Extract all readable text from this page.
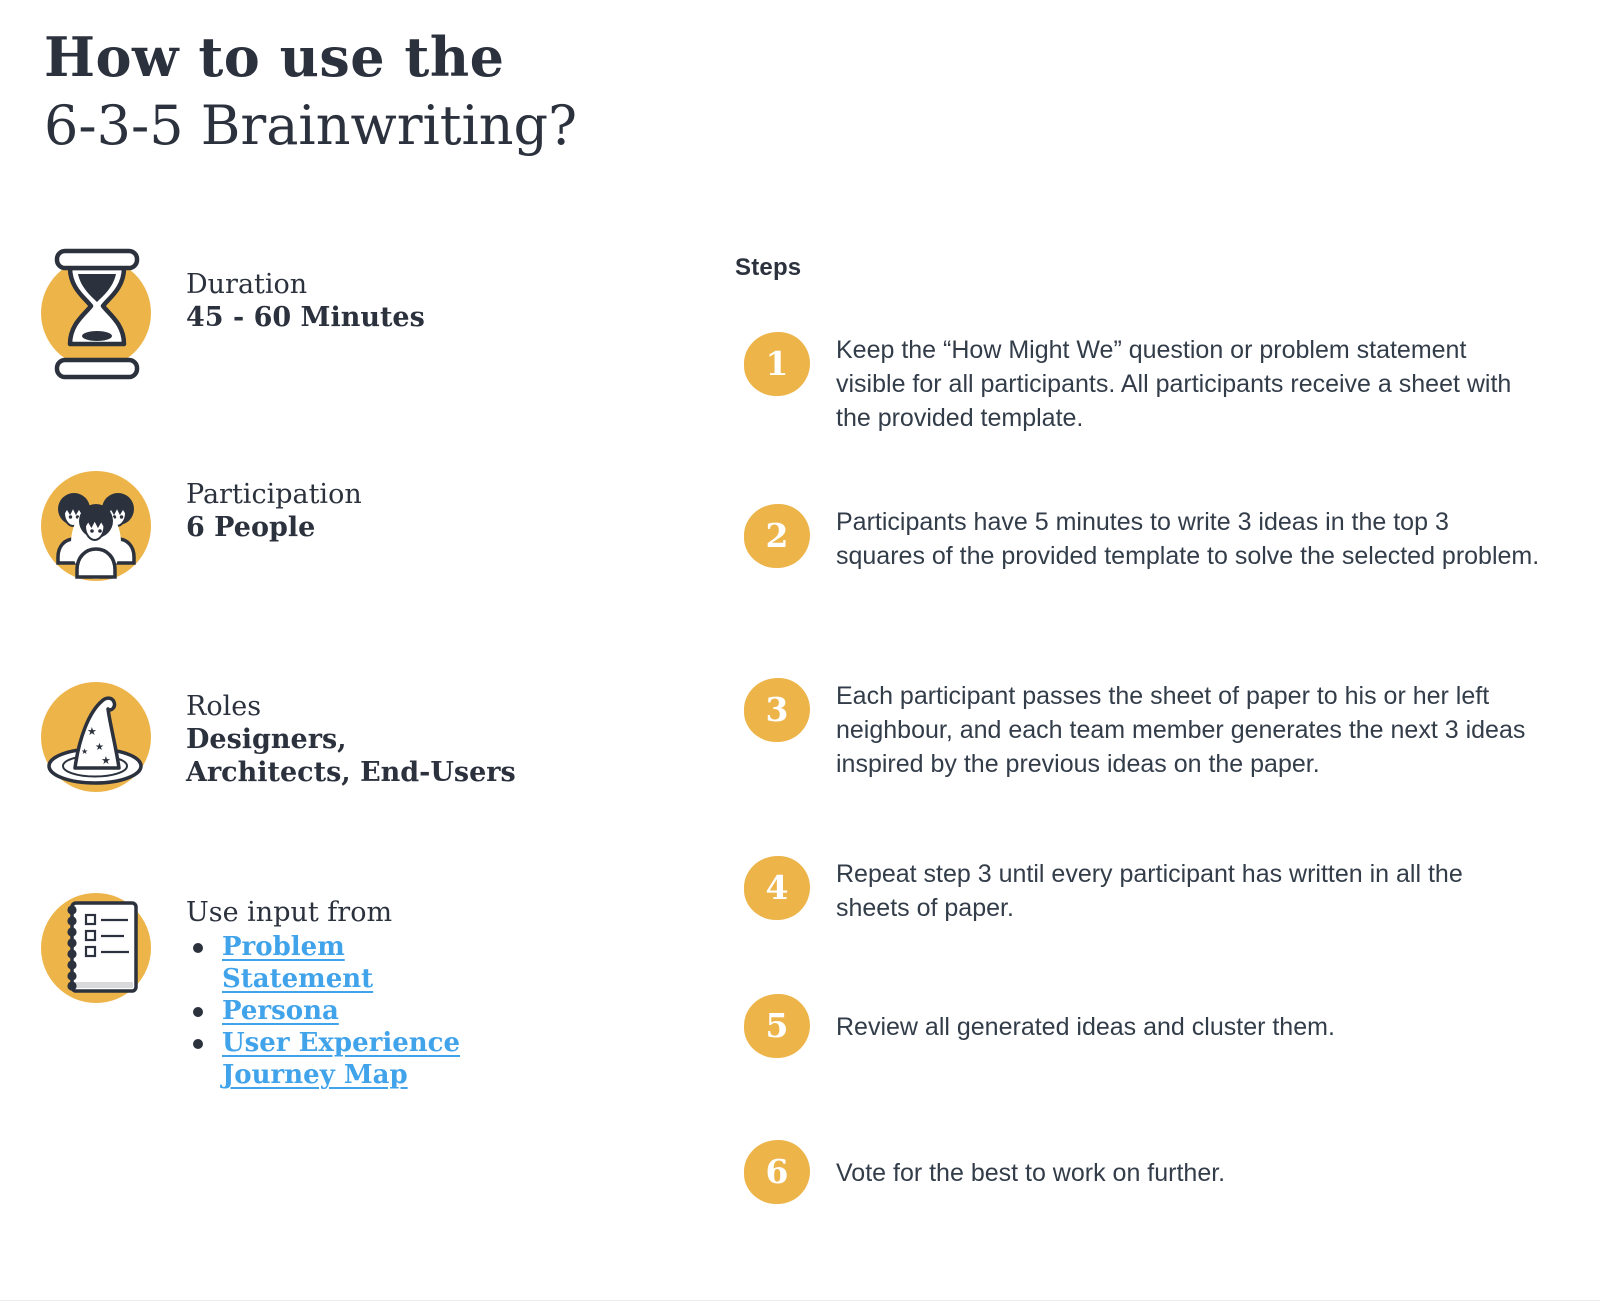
How to use the
6-3-5 Brainwriting?
Duration
45 - 60 Minutes
Participation
6 People
★
★
★
★
Roles
Designers, Architects, End-Users
Use input from
Problem Statement
Persona
User Experience Journey Map
Steps
1	Keep the “How Might We” question or problem statement visible for all participants. All participants receive a sheet with the provided template.
2	Participants have 5 minutes to write 3 ideas in the top 3 squares of the provided template to solve the selected problem.
3	Each participant passes the sheet of paper to his or her left neighbour, and each team member generates the next 3 ideas inspired by the previous ideas on the paper.
4	Repeat step 3 until every participant has written in all the sheets of paper.
5	Review all generated ideas and cluster them.
6	Vote for the best to work on further.
